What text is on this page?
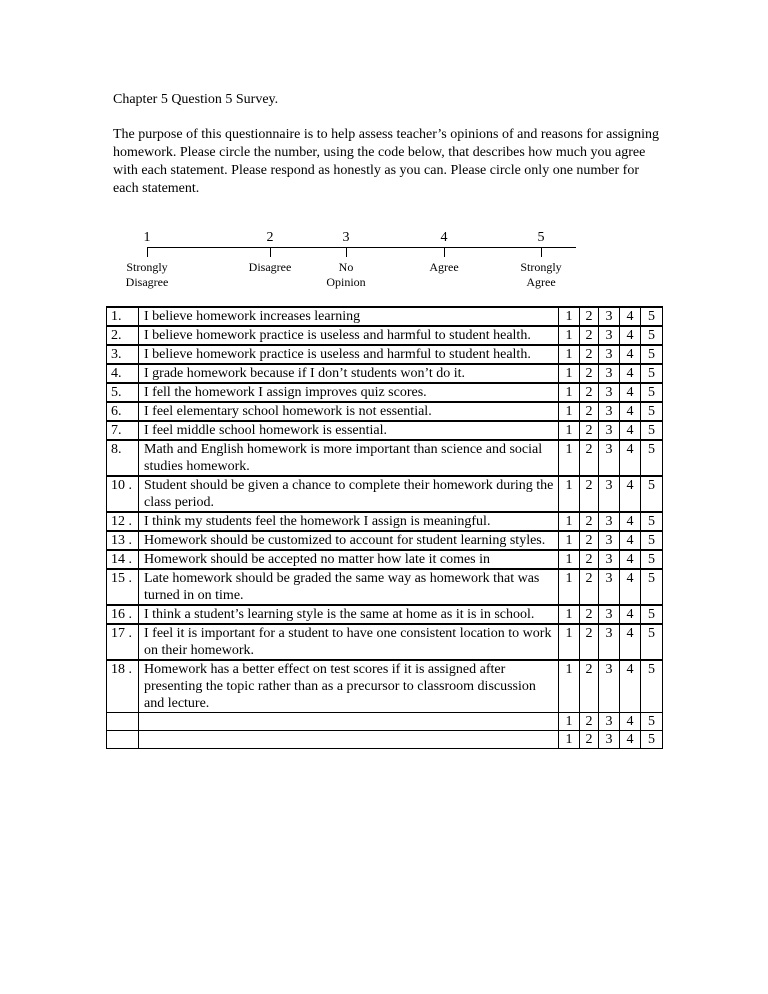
Chapter 5 Question 5 Survey.

The purpose of this questionnaire is to help assess teacher’s opinions of and reasons for assigning homework. Please circle the number, using the code below, that describes how much you agree with each statement. Please respond as honestly as you can. Please circle only one number for each statement.

1
Strongly
Disagree
2
Disagree

3
No
Opinion
4
Agree

5
Strongly
Agree
1.	I believe homework increases learning	1	2	3	4	5
2.	I believe homework practice is useless and harmful to student health.	1	2	3	4	5
3.	I believe homework practice is useless and harmful to student health.	1	2	3	4	5
4.	I grade homework because if I don’t students won’t do it.	1	2	3	4	5
5.	I fell the homework I assign improves quiz scores.	1	2	3	4	5
6.	I feel elementary school homework is not essential.	1	2	3	4	5
7.	I feel middle school homework is essential.	1	2	3	4	5
8.	Math and English homework is more important than science and social studies homework.	1	2	3	4	5
10 .	Student should be given a chance to complete their homework during the class period.	1	2	3	4	5
12 .	I think my students feel the homework I assign is meaningful.	1	2	3	4	5
13 .	Homework should be customized to account for student learning styles.	1	2	3	4	5
14 .	Homework should be accepted no matter how late it comes in	1	2	3	4	5
15 .	Late homework should be graded the same way as homework that was turned in on time.	1	2	3	4	5
16 .	I think a student’s learning style is the same at home as it is in school.	1	2	3	4	5
17 .	I feel it is important for a student to have one consistent location to work on their homework.	1	2	3	4	5
18 .	Homework has a better effect on test scores if it is assigned after presenting the topic rather than as a precursor to classroom discussion and lecture.	1	2	3	4	5
		1	2	3	4	5
		1	2	3	4	5
